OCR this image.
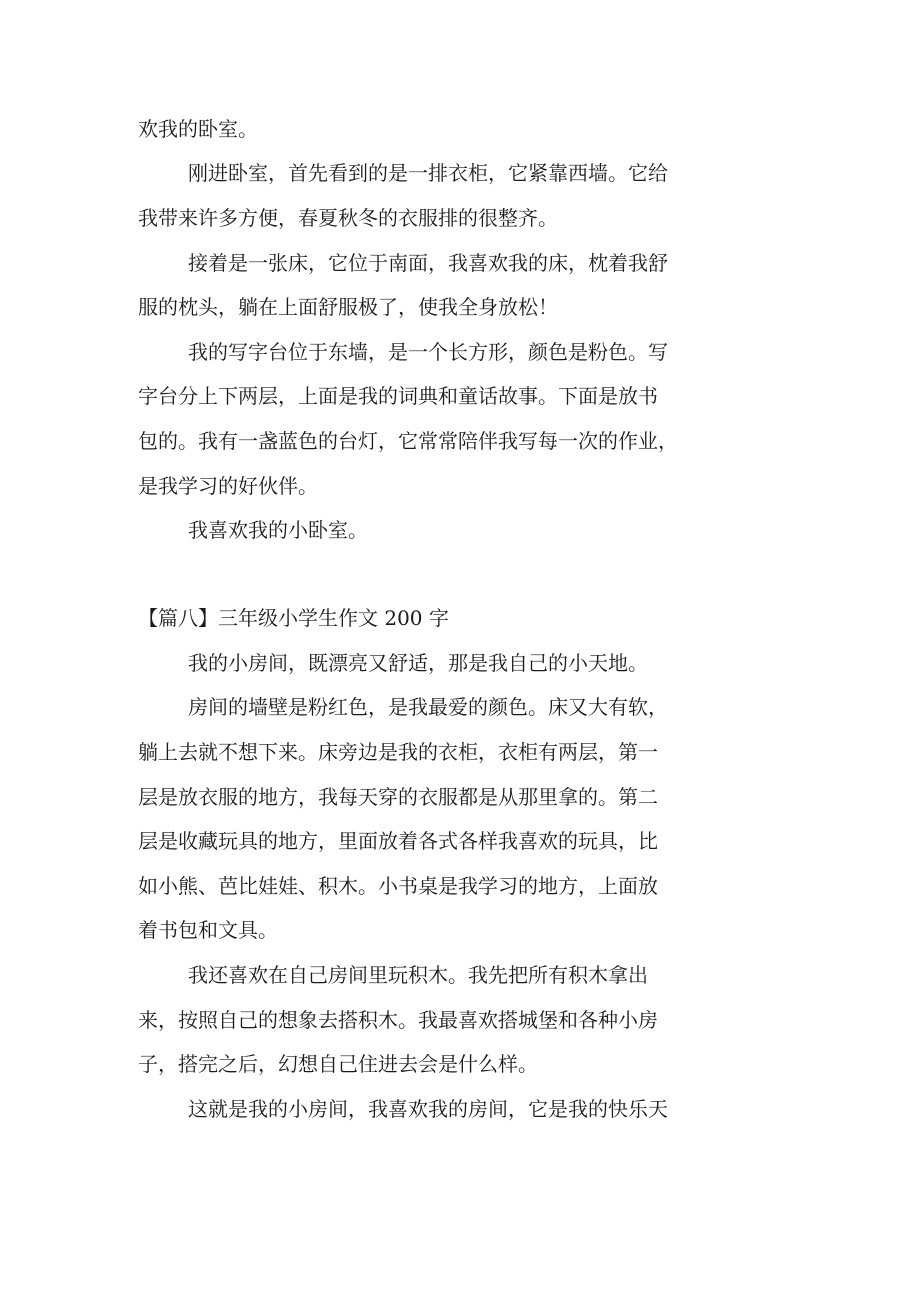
欢我的卧室。
刚进卧室，首先看到的是一排衣柜，它紧靠西墙。它给
我带来许多方便，春夏秋冬的衣服排的很整齐。
接着是一张床，它位于南面，我喜欢我的床，枕着我舒
服的枕头，躺在上面舒服极了，使我全身放松！
我的写字台位于东墙，是一个长方形，颜色是粉色。写
字台分上下两层，上面是我的词典和童话故事。下面是放书
包的。我有一盏蓝色的台灯，它常常陪伴我写每一次的作业，
是我学习的好伙伴。
我喜欢我的小卧室。
【篇八】三年级小学生作文 200 字
我的小房间，既漂亮又舒适，那是我自己的小天地。
房间的墙壁是粉红色，是我最爱的颜色。床又大有软，
躺上去就不想下来。床旁边是我的衣柜，衣柜有两层，第一
层是放衣服的地方，我每天穿的衣服都是从那里拿的。第二
层是收藏玩具的地方，里面放着各式各样我喜欢的玩具，比
如小熊、芭比娃娃、积木。小书桌是我学习的地方，上面放
着书包和文具。
我还喜欢在自己房间里玩积木。我先把所有积木拿出
来，按照自己的想象去搭积木。我最喜欢搭城堡和各种小房
子，搭完之后，幻想自己住进去会是什么样。
这就是我的小房间，我喜欢我的房间，它是我的快乐天
